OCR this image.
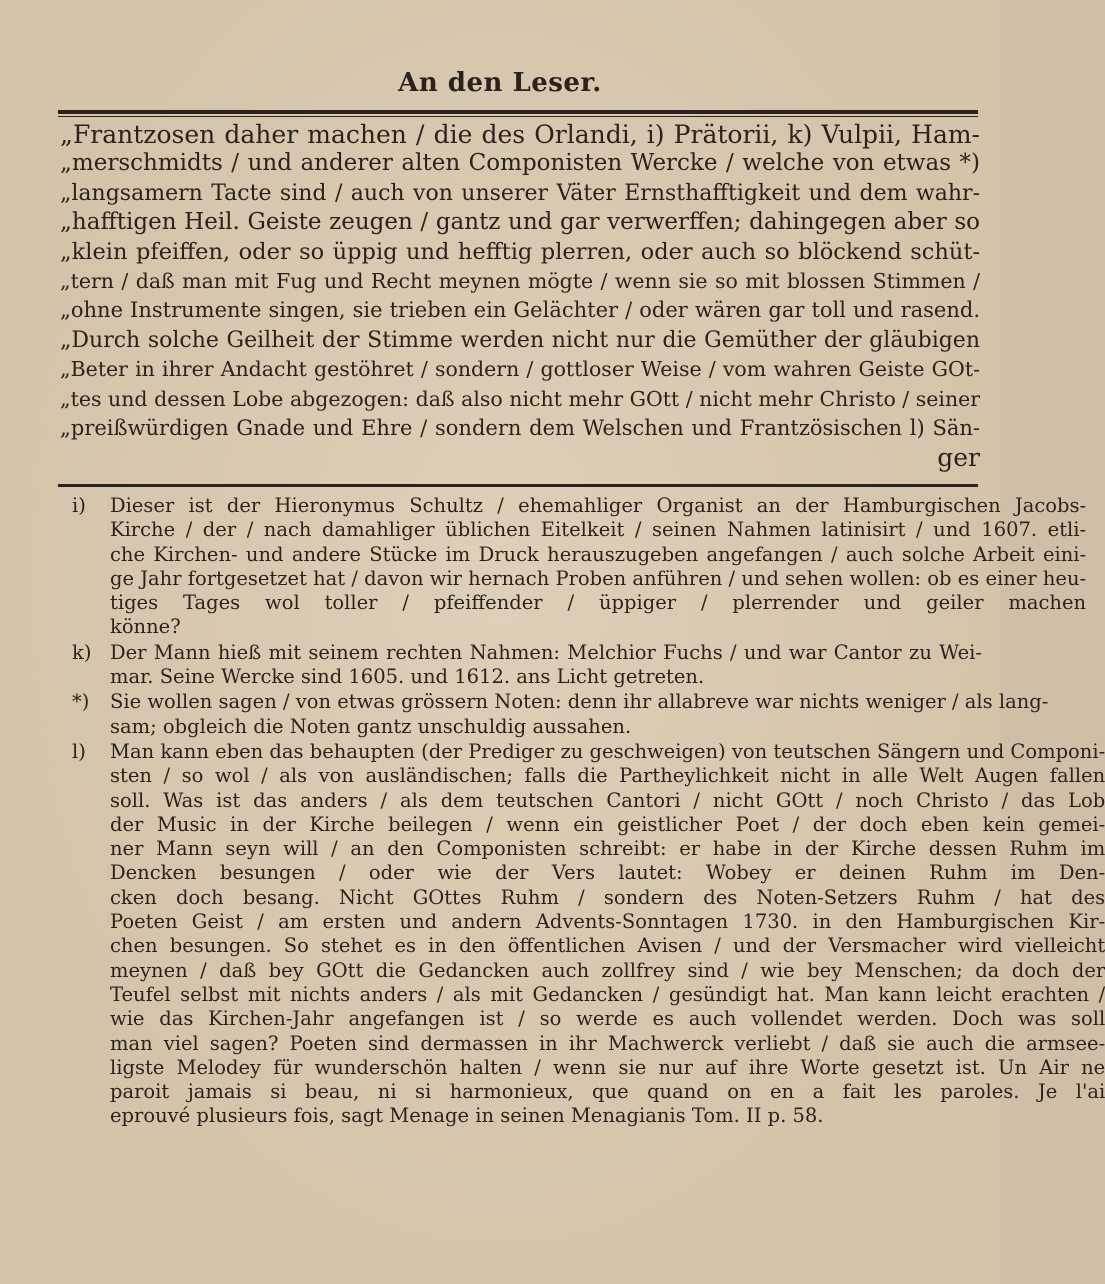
An den Leser.
„Frantzosen daher machen / die des Orlandi, i) Prätorii, k) Vulpii, Ham-
„merschmidts / und anderer alten Componisten Wercke / welche von etwas *)
„langsamern Tacte sind / auch von unserer Väter Ernsthafftigkeit und dem wahr-
„hafftigen Heil. Geiste zeugen / gantz und gar verwerffen; dahingegen aber so
„klein pfeiffen, oder so üppig und hefftig plerren, oder auch so blöckend schüt-
„tern / daß man mit Fug und Recht meynen mögte / wenn sie so mit blossen Stimmen /
„ohne Instrumente singen, sie trieben ein Gelächter / oder wären gar toll und rasend.
„Durch solche Geilheit der Stimme werden nicht nur die Gemüther der gläubigen
„Beter in ihrer Andacht gestöhret / sondern / gottloser Weise / vom wahren Geiste GOt-
„tes und dessen Lobe abgezogen: daß also nicht mehr GOtt / nicht mehr Christo / seiner
„preißwürdigen Gnade und Ehre / sondern dem Welschen und Frantzösischen l) Sän-
ger
i)	Dieser ist der Hieronymus Schultz / ehemahliger Organist an der Hamburgischen Jacobs-
Kirche / der / nach damahliger üblichen Eitelkeit / seinen Nahmen latinisirt / und 1607. etli-
che Kirchen- und andere Stücke im Druck herauszugeben angefangen / auch solche Arbeit eini-
ge Jahr fortgesetzet hat / davon wir hernach Proben anführen / und sehen wollen: ob es einer heu-
tiges Tages wol toller / pfeiffender / üppiger / plerrender und geiler machen
könne?
k) Der Mann hieß mit seinem rechten Nahmen: Melchior Fuchs / und war Cantor zu Wei-
mar. Seine Wercke sind 1605. und 1612. ans Licht getreten.
*)	Sie wollen sagen / von etwas grössern Noten: denn ihr allabreve war nichts weniger / als lang-
sam; obgleich die Noten gantz unschuldig aussahen.
l)	Man kann eben das behaupten (der Prediger zu geschweigen) von teutschen Sängern und Componi-
sten / so wol / als von ausländischen; falls die Partheylichkeit nicht in alle Welt Augen fallen
soll. Was ist das anders / als dem teutschen Cantori / nicht GOtt / noch Christo / das Lob
der Music in der Kirche beilegen / wenn ein geistlicher Poet / der doch eben kein gemei-
ner Mann seyn will / an den Componisten schreibt: er habe in der Kirche dessen Ruhm im
Dencken besungen / oder wie der Vers lautet: Wobey er deinen Ruhm im Den-
cken doch besang. Nicht GOttes Ruhm / sondern des Noten-Setzers Ruhm / hat des
Poeten Geist / am ersten und andern Advents-Sonntagen 1730. in den Hamburgischen Kir-
chen besungen. So stehet es in den öffentlichen Avisen / und der Versmacher wird vielleicht
meynen / daß bey GOtt die Gedancken auch zollfrey sind / wie bey Menschen; da doch der
Teufel selbst mit nichts anders / als mit Gedancken / gesündigt hat. Man kann leicht erachten /
wie das Kirchen-Jahr angefangen ist / so werde es auch vollendet werden. Doch was soll
man viel sagen? Poeten sind dermassen in ihr Machwerck verliebt / daß sie auch die armsee-
ligste Melodey für wunderschön halten / wenn sie nur auf ihre Worte gesetzt ist. Un Air ne
paroit jamais si beau, ni si harmonieux, que quand on en a fait les paroles. Je l'ai
eprouvé plusieurs fois, sagt Menage in seinen Menagianis Tom. II p. 58.
